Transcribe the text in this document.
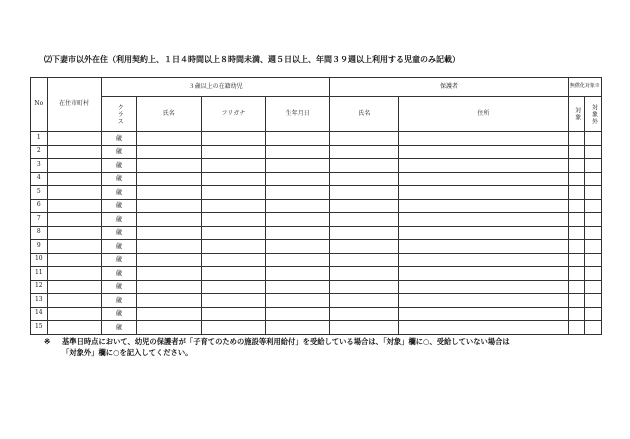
⑵下妻市以外在住（利用契約上、１日４時間以上８時間未満、週５日以上、年間３９週以上利用する児童のみ記載）
No	在住市町村	３歳以上の在籍幼児				保護者		無償化対象※	
		クラス	氏名	フリガナ	生年月日	氏名	住所	対象	対象外
1		歳							
2		歳							
3		歳							
4		歳							
5		歳							
6		歳							
7		歳							
8		歳							
9		歳							
10		歳							
11		歳							
12		歳							
13		歳							
14		歳							
15		歳							
※ 基準日時点において、幼児の保護者が「子育てのための施設等利用給付」を受給している場合は、「対象」欄に○、受給していない場合は
「対象外」欄に○を記入してください。
